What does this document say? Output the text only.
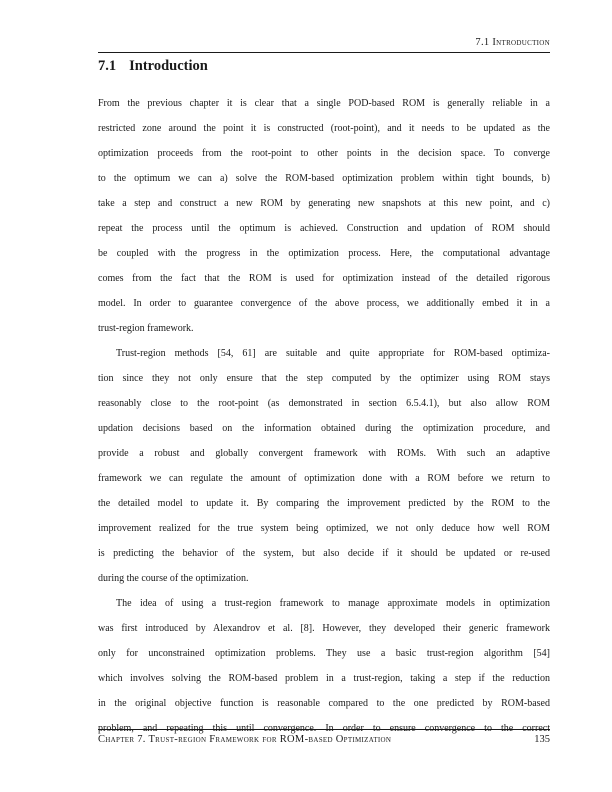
7.1 Introduction
7.1 Introduction
From the previous chapter it is clear that a single POD-based ROM is generally reliable in a
restricted zone around the point it is constructed (root-point), and it needs to be updated as the
optimization proceeds from the root-point to other points in the decision space. To converge
to the optimum we can a) solve the ROM-based optimization problem within tight bounds, b)
take a step and construct a new ROM by generating new snapshots at this new point, and c)
repeat the process until the optimum is achieved. Construction and updation of ROM should
be coupled with the progress in the optimization process. Here, the computational advantage
comes from the fact that the ROM is used for optimization instead of the detailed rigorous
model. In order to guarantee convergence of the above process, we additionally embed it in a
trust-region framework.
Trust-region methods [54, 61] are suitable and quite appropriate for ROM-based optimiza-
tion since they not only ensure that the step computed by the optimizer using ROM stays
reasonably close to the root-point (as demonstrated in section 6.5.4.1), but also allow ROM
updation decisions based on the information obtained during the optimization procedure, and
provide a robust and globally convergent framework with ROMs. With such an adaptive
framework we can regulate the amount of optimization done with a ROM before we return to
the detailed model to update it. By comparing the improvement predicted by the ROM to the
improvement realized for the true system being optimized, we not only deduce how well ROM
is predicting the behavior of the system, but also decide if it should be updated or re-used
during the course of the optimization.
The idea of using a trust-region framework to manage approximate models in optimization
was first introduced by Alexandrov et al. [8]. However, they developed their generic framework
only for unconstrained optimization problems. They use a basic trust-region algorithm [54]
which involves solving the ROM-based problem in a trust-region, taking a step if the reduction
in the original objective function is reasonable compared to the one predicted by ROM-based
problem, and repeating this until convergence. In order to ensure convergence to the correct
Chapter 7. Trust-region Framework for ROM-based Optimization	135
